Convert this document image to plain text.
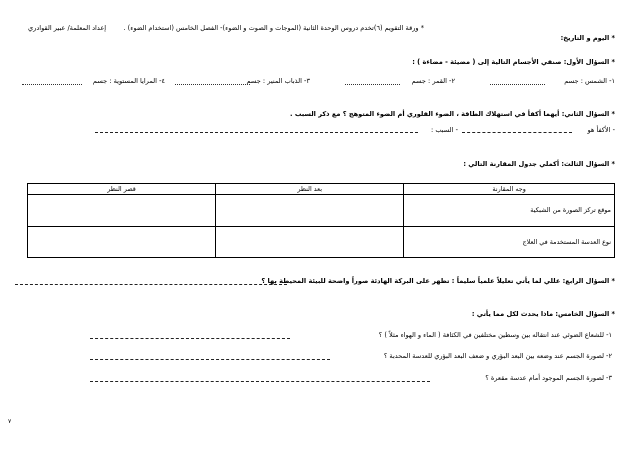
* ورقة التقويم (٦)تخدم دروس الوحدة الثانية (الموجات و الصوت و الضوء)- الفصل الخامس (استخدام الضوء) .
إعداد المعلمة/ عبير القوادري
* اليوم و التاريخ:
* السؤال الأول: صنفي الأجسام التالية إلى ( مضيئة - مضاءة ) :
١- الشمس : جسم
٢- القمر : جسم
٣- الذباب المنير : جسم
٤- المرايا المستوية : جسم
* السؤال الثاني: أيهما أكفأ في استهلاك الطاقة ، الضوء الفلوري أم الضوء المتوهج ؟ مع ذكر السبب .
- الأكفأ هو
- السبب :
* السؤال الثالث: أكملي جدول المقارنة التالي :
وجه المقارنة	بعد النظر	قصر النظر
موقع تركز الصورة من الشبكية		
نوع العدسة المستخدمة في العلاج		
* السؤال الرابع: عللي لما يأتي تعليلاً علمياً سليماً : تظهر على البركة الهادئة صوراً واضحة للبيئة المحيطة بها ؟
* السؤال الخامس: ماذا يحدث لكل مما يأتي :
١- للشعاع الضوئي عند انتقاله بين وسطين مختلفين في الكثافة ( الماء و الهواء مثلاً ) ؟
٢- لصورة الجسم عند وضعه بين البعد البؤري و ضعف البعد البؤري للعدسة المحدبة ؟
٣- لصورة الجسم الموجود أمام عدسة مقعرة ؟
٧
